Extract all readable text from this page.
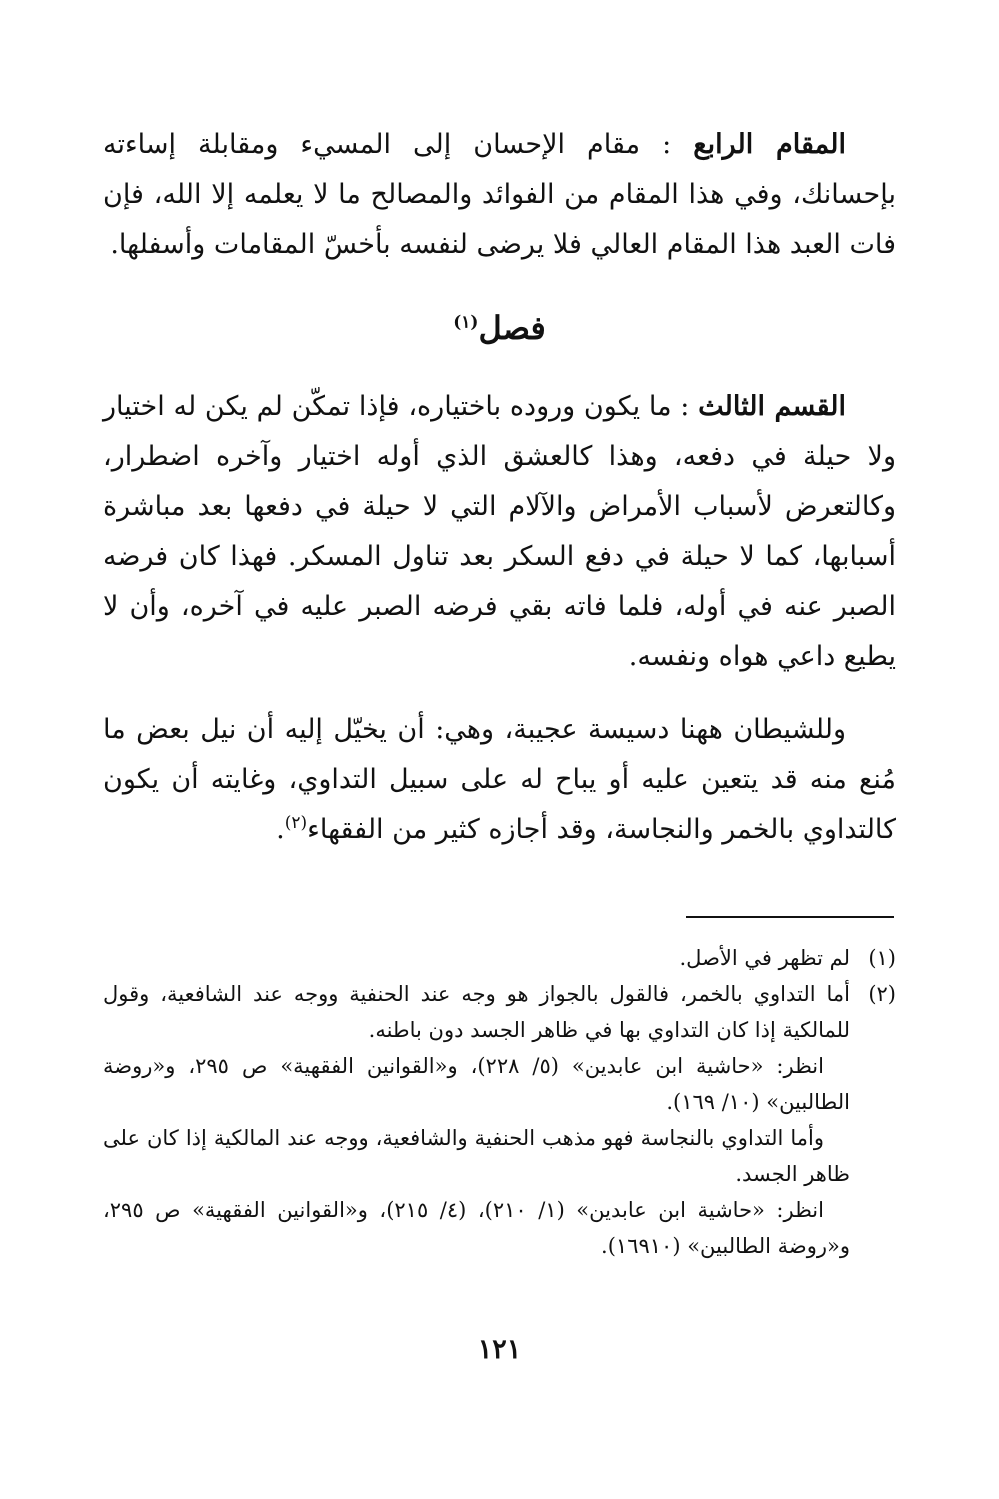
المقام الرابع : مقام الإحسان إلى المسيء ومقابلة إساءته بإحسانك، وفي هذا المقام من الفوائد والمصالح ما لا يعلمه إلا الله، فإن فات العبد هذا المقام العالي فلا يرضى لنفسه بأخسّ المقامات وأسفلها.

فصل$^{(١)}$

القسم الثالث : ما يكون وروده باختياره، فإذا تمكّن لم يكن له اختيار ولا حيلة في دفعه، وهذا كالعشق الذي أوله اختيار وآخره اضطرار، وكالتعرض لأسباب الأمراض والآلام التي لا حيلة في دفعها بعد مباشرة أسبابها، كما لا حيلة في دفع السكر بعد تناول المسكر. فهذا كان فرضه الصبر عنه في أوله، فلما فاته بقي فرضه الصبر عليه في آخره، وأن لا يطيع داعي هواه ونفسه.

وللشيطان ههنا دسيسة عجيبة، وهي: أن يخيّل إليه أن نيل بعض ما مُنع منه قد يتعين عليه أو يباح له على سبيل التداوي، وغايته أن يكون كالتداوي بالخمر والنجاسة، وقد أجازه كثير من الفقهاء$^{(٢)}$.

(١)
لم تظهر في الأصل.
(٢)
أما التداوي بالخمر، فالقول بالجواز هو وجه عند الحنفية ووجه عند الشافعية، وقول للمالكية إذا كان التداوي بها في ظاهر الجسد دون باطنه.
انظر: «حاشية ابن عابدين» (٥/ ٢٢٨)، و«القوانين الفقهية» ص ٢٩٥، و«روضة الطالبين» (١٠/ ١٦٩).
وأما التداوي بالنجاسة فهو مذهب الحنفية والشافعية، ووجه عند المالكية إذا كان على ظاهر الجسد.
انظر: «حاشية ابن عابدين» (١/ ٢١٠)، (٤/ ٢١٥)، و«القوانين الفقهية» ص ٢٩٥، و«روضة الطالبين» (١٦٩١٠).
١٢١
